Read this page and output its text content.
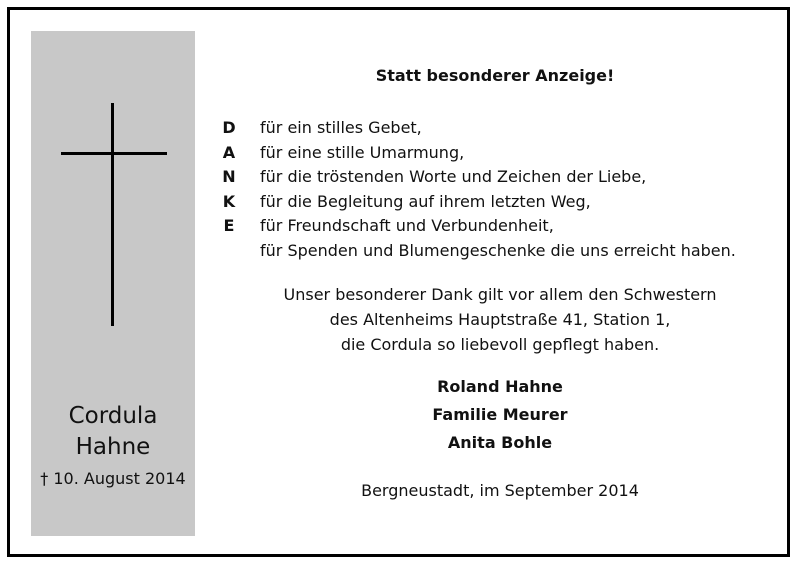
Cordula
Hahne
† 10. August 2014
Statt besonderer Anzeige!
D
A
N
K
E
für ein stilles Gebet,
für eine stille Umarmung,
für die tröstenden Worte und Zeichen der Liebe,
für die Begleitung auf ihrem letzten Weg,
für Freundschaft und Verbundenheit,
für Spenden und Blumengeschenke die uns erreicht haben.
Unser besonderer Dank gilt vor allem den Schwestern
des Altenheims Hauptstraße 41, Station 1,
die Cordula so liebevoll gepflegt haben.
Roland Hahne
Familie Meurer
Anita Bohle
Bergneustadt, im September 2014
